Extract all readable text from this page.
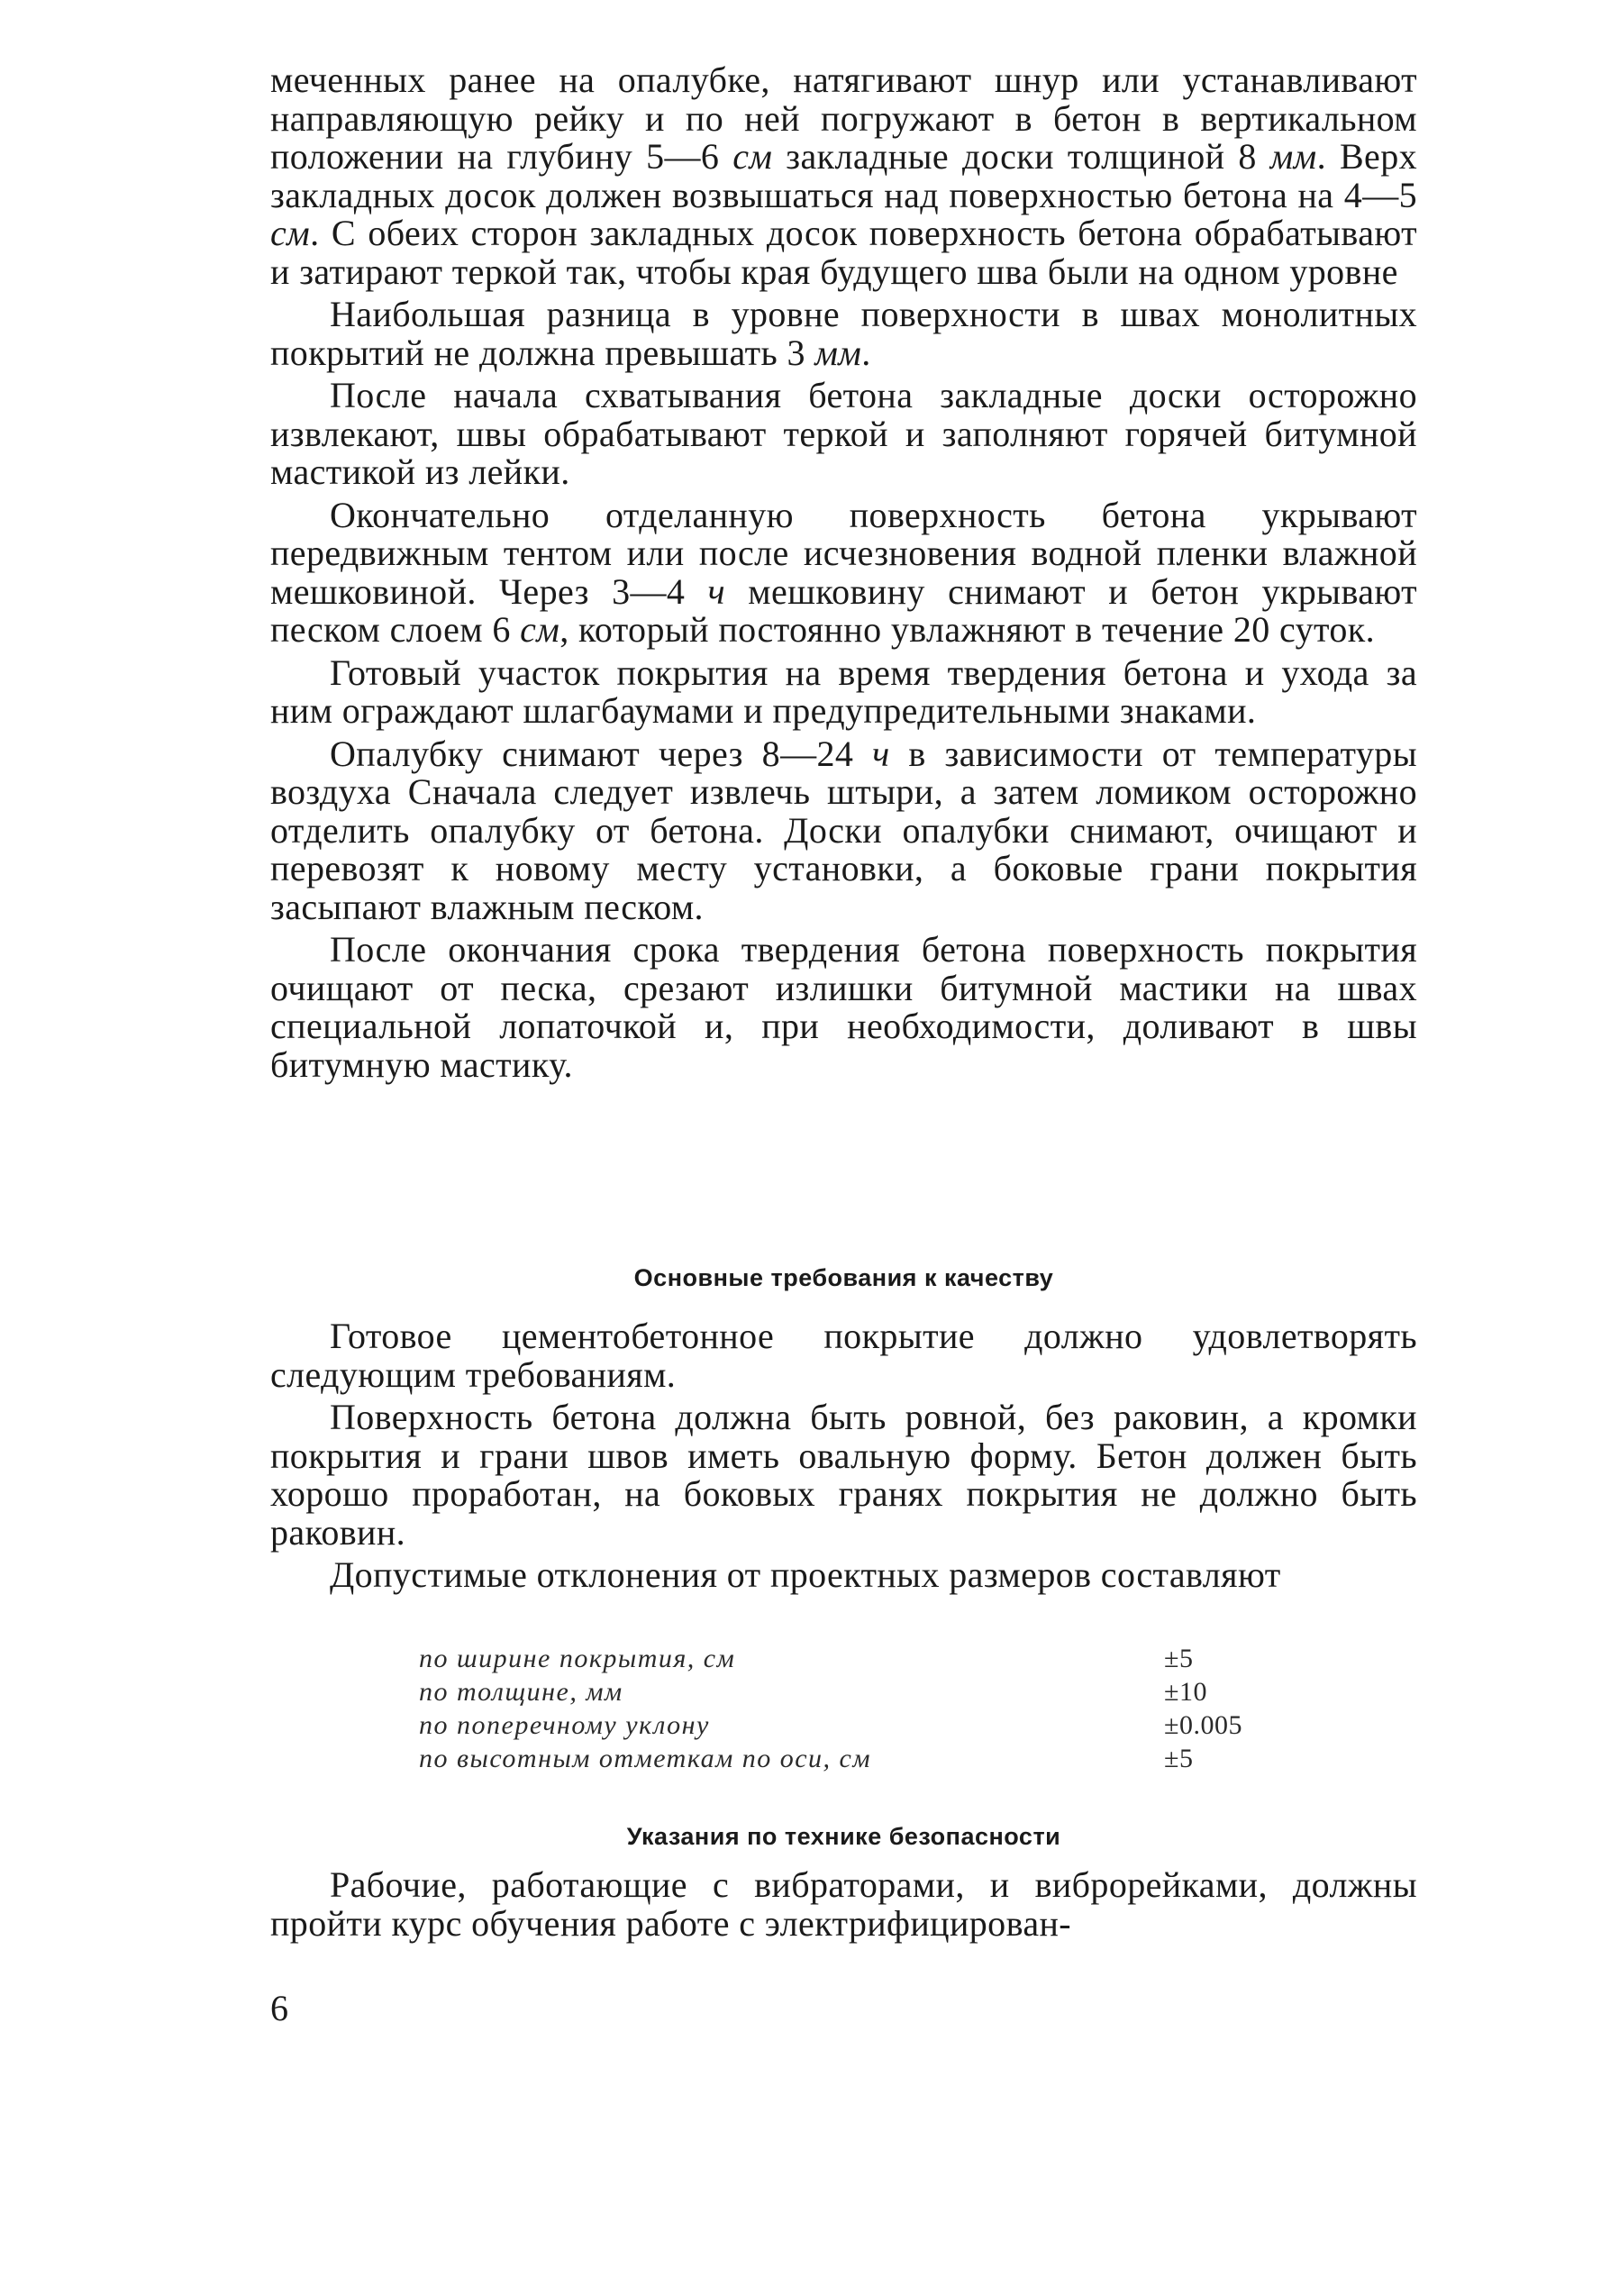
меченных ранее на опалубке, натягивают шнур или устанавливают направляющую рейку и по ней погружают в бетон в вертикальном положении на глубину 5—6 см закладные доски толщиной 8 мм. Верх закладных досок должен возвышаться над поверхностью бетона на 4—5 см. С обеих сторон закладных досок поверхность бетона обрабатывают и затирают теркой так, чтобы края будущего шва были на одном уровне

Наибольшая разница в уровне поверхности в швах монолитных покрытий не должна превышать 3 мм.

После начала схватывания бетона закладные доски осторожно извлекают, швы обрабатывают теркой и заполняют горячей битумной мастикой из лейки.

Окончательно отделанную поверхность бетона укрывают передвижным тентом или после исчезновения водной пленки влажной мешковиной. Через 3—4 ч мешковину снимают и бетон укрывают песком слоем 6 см, который постоянно увлажняют в течение 20 суток.

Готовый участок покрытия на время твердения бетона и ухода за ним ограждают шлагбаумами и предупредительными знаками.

Опалубку снимают через 8—24 ч в зависимости от температуры воздуха Сначала следует извлечь штыри, а затем ломиком осторожно отделить опалубку от бетона. Доски опалубки снимают, очищают и перевозят к новому месту установки, а боковые грани покрытия засыпают влажным песком.

После окончания срока твердения бетона поверхность покрытия очищают от песка, срезают излишки битумной мастики на швах специальной лопаточкой и, при необходимости, доливают в швы битумную мастику.

Основные требования к качеству

Готовое цементобетонное покрытие должно удовлетворять следующим требованиям.

Поверхность бетона должна быть ровной, без раковин, а кромки покрытия и грани швов иметь овальную форму. Бетон должен быть хорошо проработан, на боковых гранях покрытия не должно быть раковин.

Допустимые отклонения от проектных размеров составляют

по ширине покрытия, см	±5
по толщине, мм	±10
по поперечному уклону	±0.005
по высотным отметкам по оси, см	±5
Указания по технике безопасности

Рабочие, работающие с вибраторами, и виброрейками, должны пройти курс обучения работе с электрифицирован-

6
